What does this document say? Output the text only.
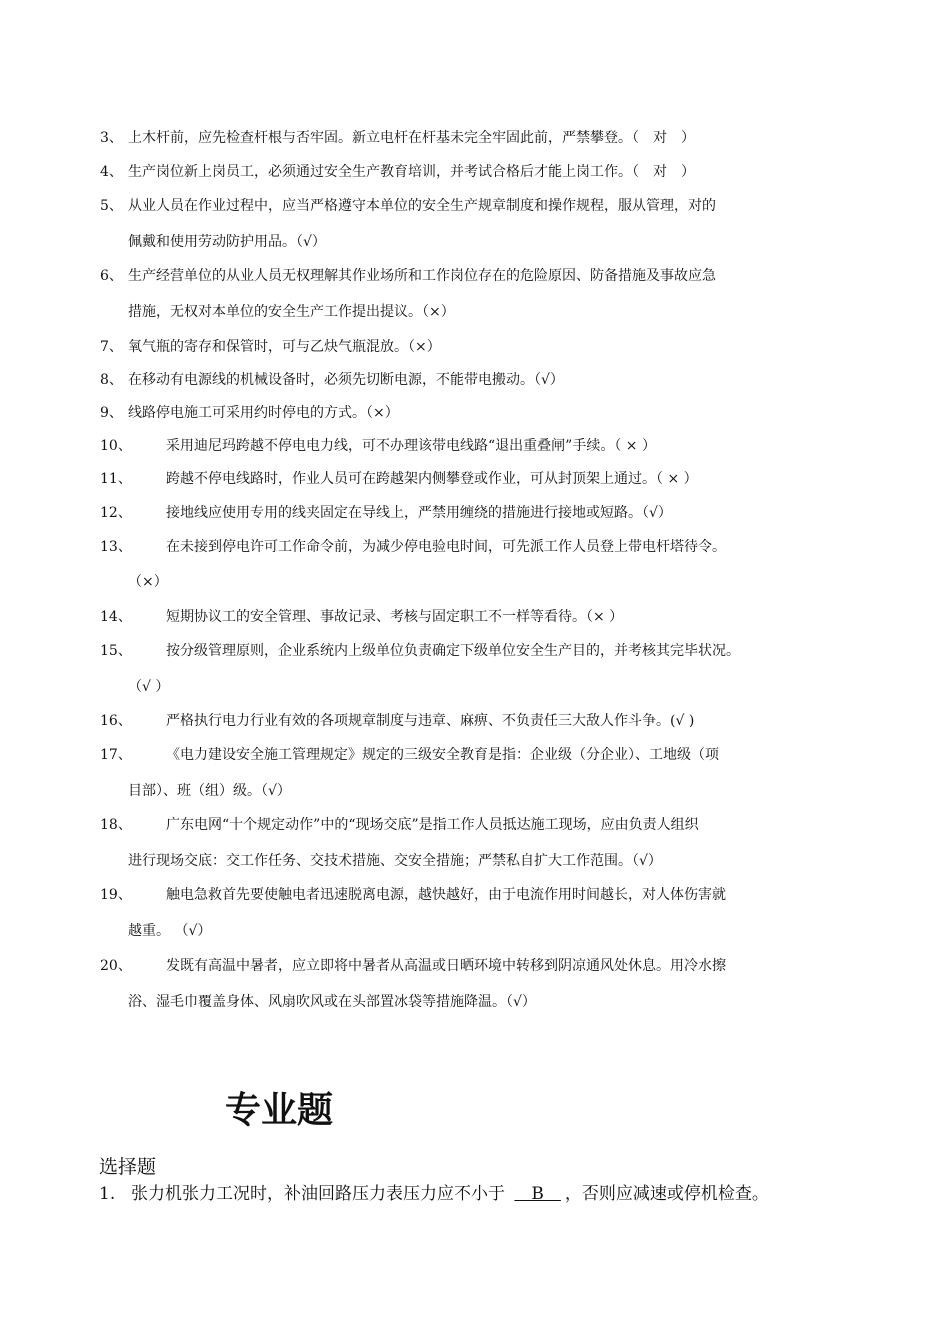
3、 上木杆前，应先检查杆根与否牢固。新立电杆在杆基未完全牢固此前，严禁攀登。（　对　）
4、 生产岗位新上岗员工，必须通过安全生产教育培训，并考试合格后才能上岗工作。（　对　）
5、 从业人员在作业过程中，应当严格遵守本单位的安全生产规章制度和操作规程，服从管理，对的
佩戴和使用劳动防护用品。（√）
6、 生产经营单位的从业人员无权理解其作业场所和工作岗位存在的危险原因、防备措施及事故应急
措施，无权对本单位的安全生产工作提出提议。（×）
7、 氧气瓶的寄存和保管时，可与乙炔气瓶混放。（×）
8、 在移动有电源线的机械设备时，必须先切断电源，不能带电搬动。（√）
9、 线路停电施工可采用约时停电的方式。（×）
10、 采用迪尼玛跨越不停电电力线，可不办理该带电线路“退出重叠闸”手续。（ × ）
11、 跨越不停电线路时，作业人员可在跨越架内侧攀登或作业，可从封顶架上通过。（ × ）
12、 接地线应使用专用的线夹固定在导线上，严禁用缠绕的措施进行接地或短路。（√）
13、 在未接到停电许可工作命令前，为减少停电验电时间，可先派工作人员登上带电杆塔待令。
（×）
14、 短期协议工的安全管理、事故记录、考核与固定职工不一样等看待。（× ）
15、 按分级管理原则，企业系统内上级单位负责确定下级单位安全生产目的，并考核其完毕状况。
（√ ）
16、 严格执行电力行业有效的各项规章制度与违章、麻痹、不负责任三大敌人作斗争。(√ )
17、 《电力建设安全施工管理规定》规定的三级安全教育是指：企业级（分企业）、工地级（项
目部）、班（组）级。（√）
18、 广东电网“十个规定动作”中的“现场交底”是指工作人员抵达施工现场，应由负责人组织
进行现场交底：交工作任务、交技术措施、交安全措施；严禁私自扩大工作范围。（√）
19、 触电急救首先要使触电者迅速脱离电源，越快越好，由于电流作用时间越长，对人体伤害就
越重。 （√）
20、 发既有高温中暑者，应立即将中暑者从高温或日晒环境中转移到阴凉通风处休息。用冷水擦
浴、湿毛巾覆盖身体、风扇吹风或在头部置冰袋等措施降温。（√）
专业题
选择题
1. 张力机张力工况时，补油回路压力表压力应不小于 　B　，否则应减速或停机检查。
